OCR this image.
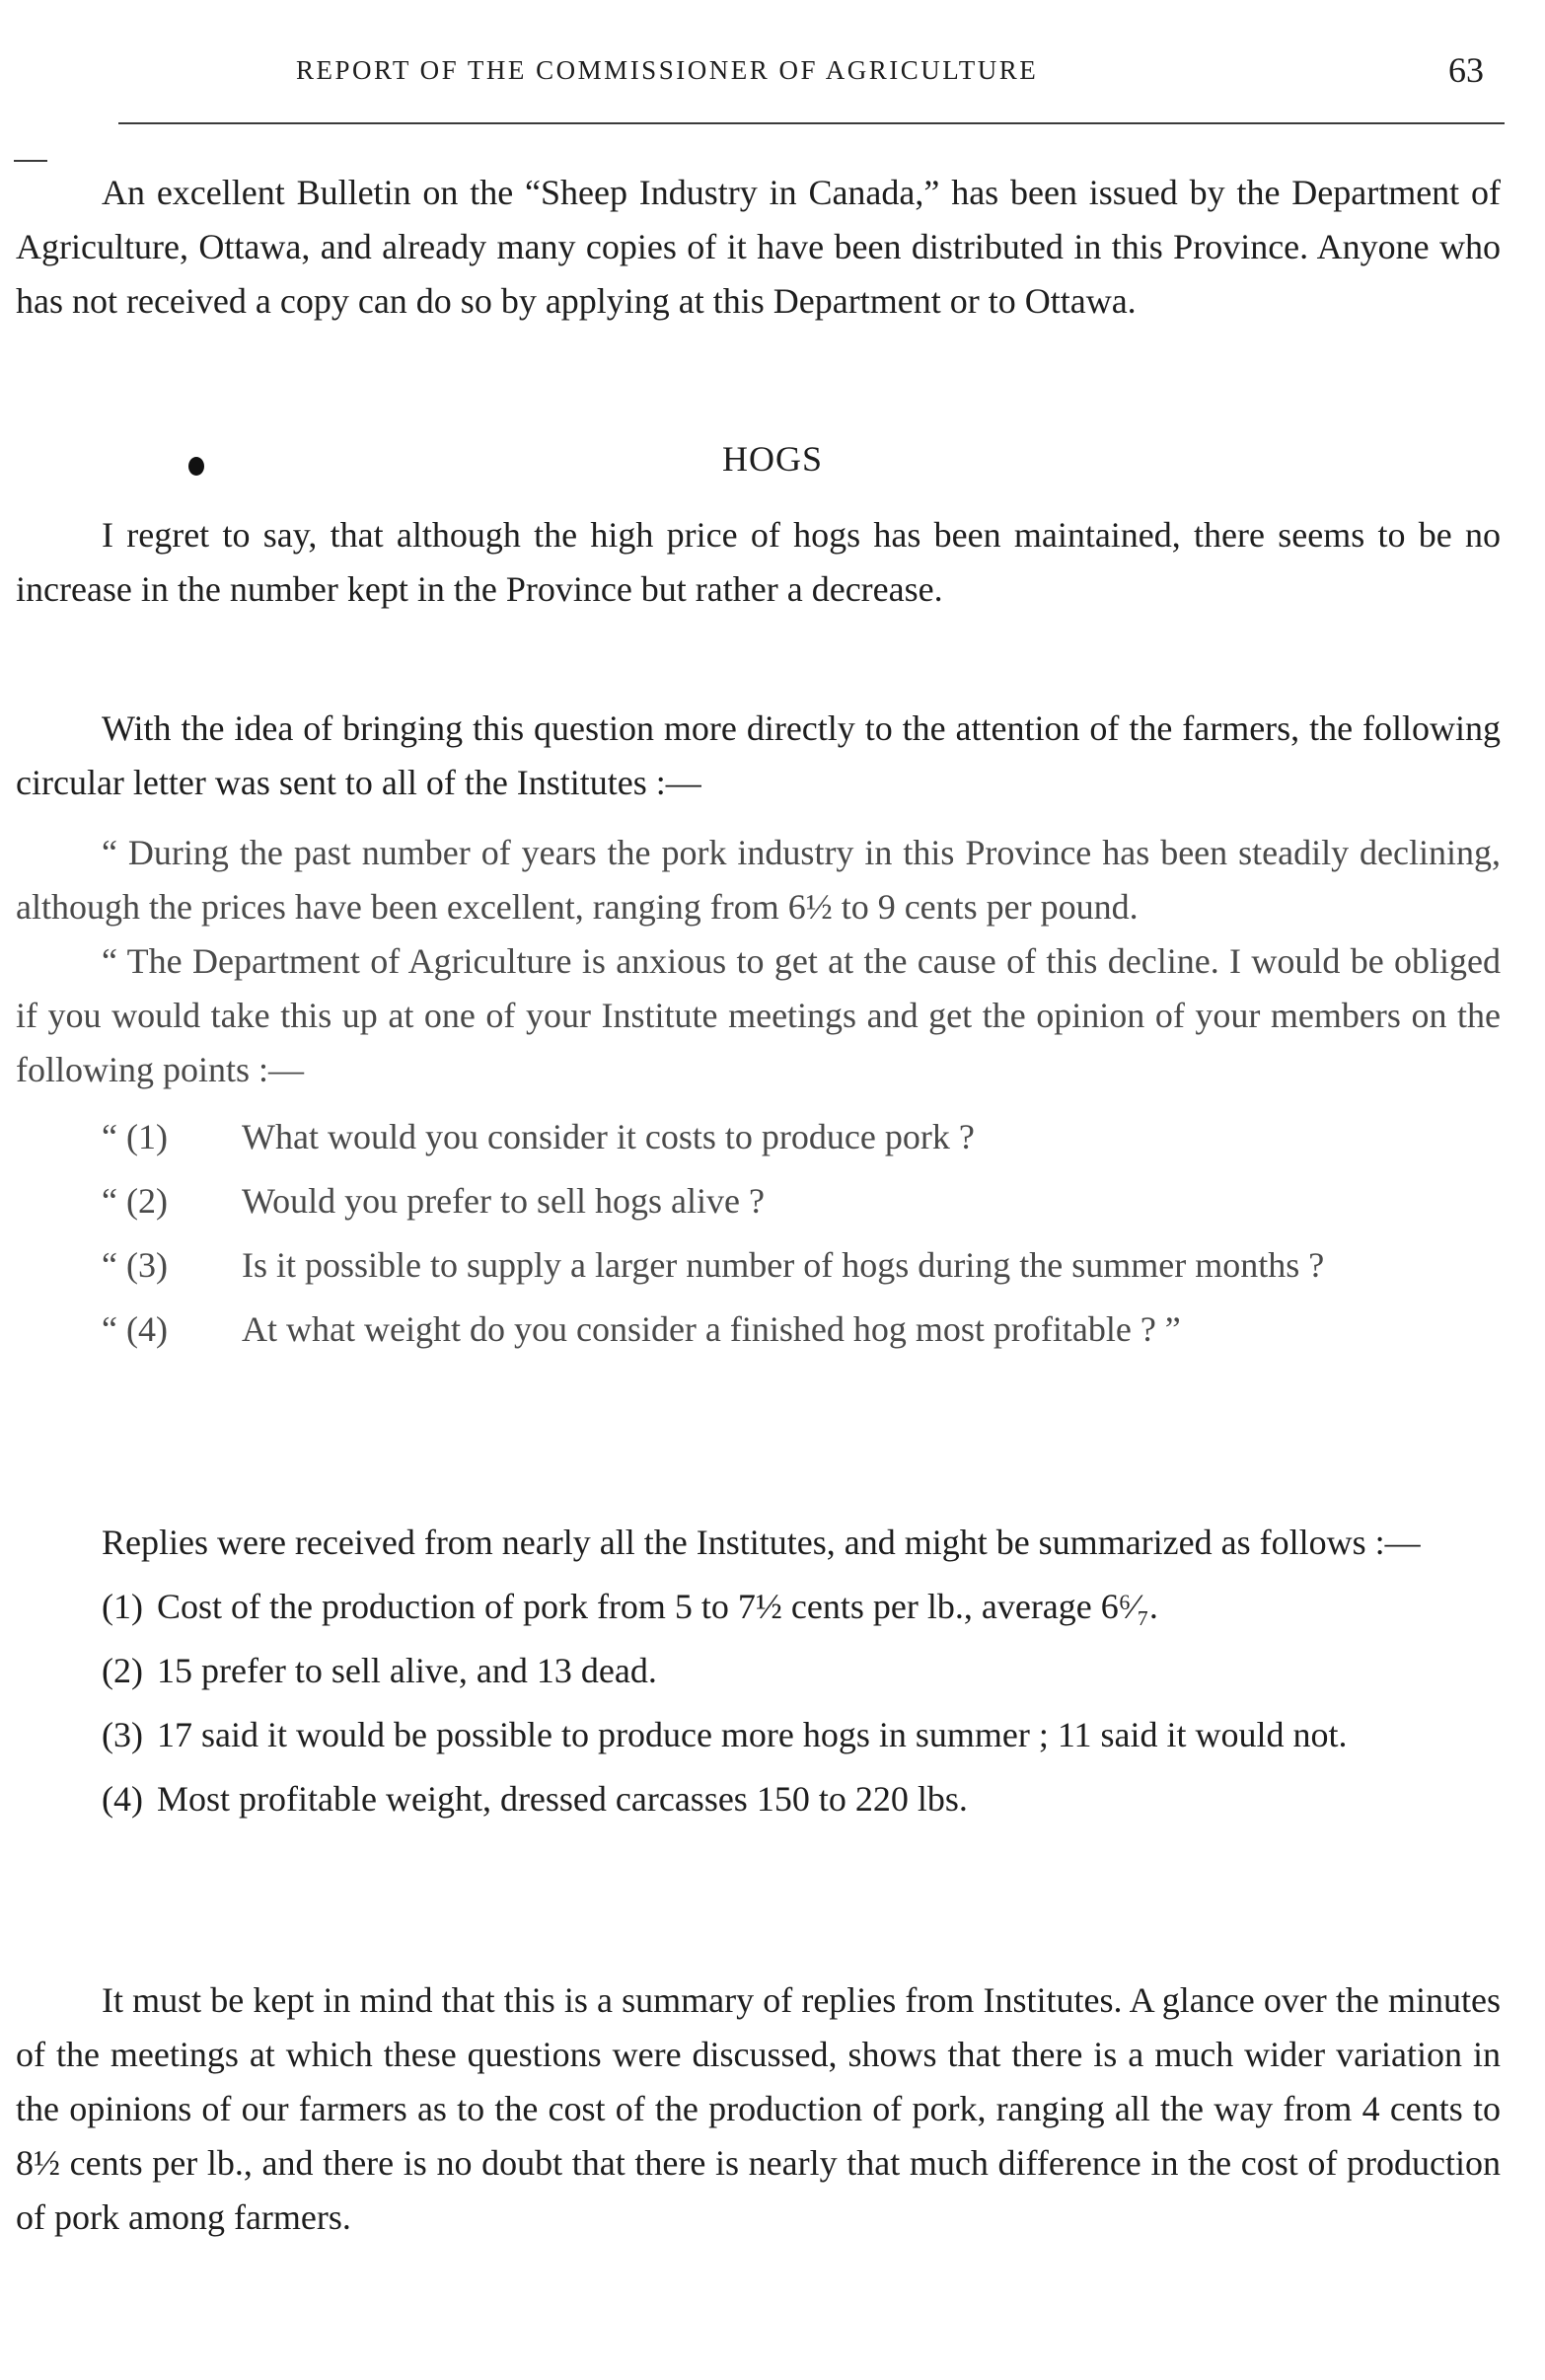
REPORT OF THE COMMISSIONER OF AGRICULTURE	63

An excellent Bulletin on the “Sheep Industry in Canada,” has been issued by the Department of Agriculture, Ottawa, and already many copies of it have been distributed in this Province. Anyone who has not received a copy can do so by applying at this Department or to Ottawa.

HOGS

I regret to say, that although the high price of hogs has been maintained, there seems to be no increase in the number kept in the Province but rather a decrease.

With the idea of bringing this question more directly to the attention of the farmers, the following circular letter was sent to all of the Institutes :—

“ During the past number of years the pork industry in this Province has been steadily declining, although the prices have been excellent, ranging from 6½ to 9 cents per pound.

“ The Department of Agriculture is anxious to get at the cause of this decline. I would be obliged if you would take this up at one of your Institute meetings and get the opinion of your members on the following points :—

“ (1) What would you consider it costs to produce pork ?

“ (2) Would you prefer to sell hogs alive ?

“ (3) Is it possible to supply a larger number of hogs during the summer months ?

“ (4) At what weight do you consider a finished hog most profitable ? ”

Replies were received from nearly all the Institutes, and might be summarized as follows :—

(1) Cost of the production of pork from 5 to 7½ cents per lb., average 6⁶⁄₇.

(2) 15 prefer to sell alive, and 13 dead.

(3) 17 said it would be possible to produce more hogs in summer ; 11 said it would not.

(4) Most profitable weight, dressed carcasses 150 to 220 lbs.

It must be kept in mind that this is a summary of replies from Institutes. A glance over the minutes of the meetings at which these questions were discussed, shows that there is a much wider variation in the opinions of our farmers as to the cost of the production of pork, ranging all the way from 4 cents to 8½ cents per lb., and there is no doubt that there is nearly that much difference in the cost of production of pork among farmers.
